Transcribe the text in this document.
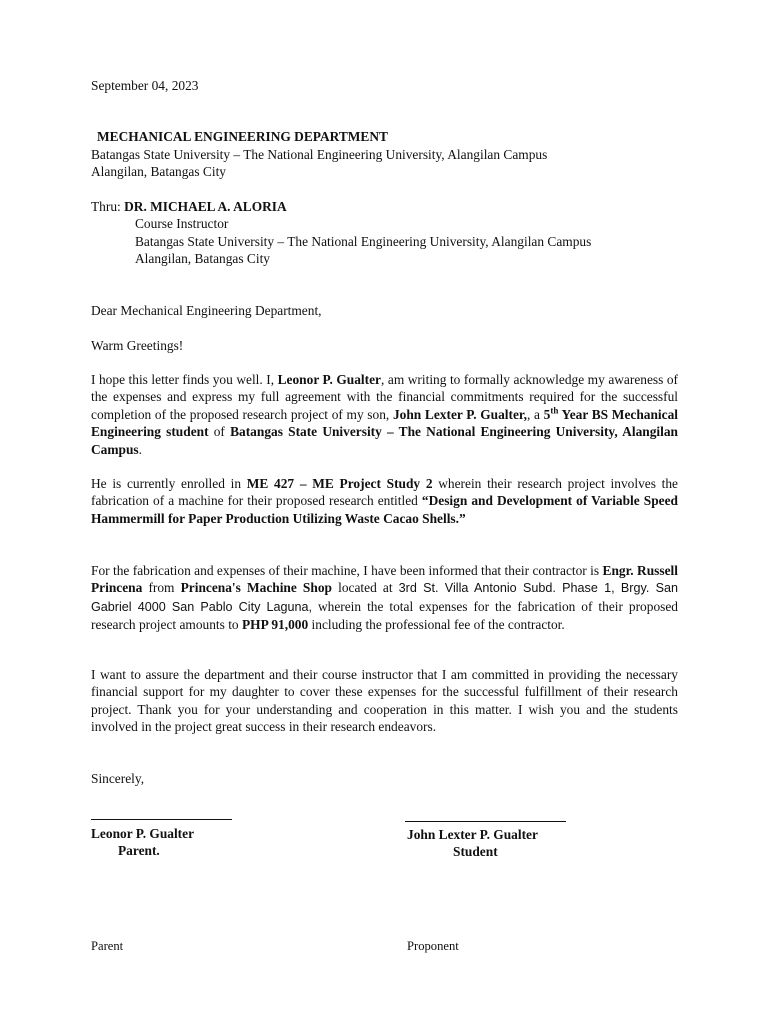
September 04, 2023
MECHANICAL ENGINEERING DEPARTMENT
Batangas State University – The National Engineering University, Alangilan Campus
Alangilan, Batangas City
Thru: DR. MICHAEL A. ALORIA
Course Instructor
Batangas State University – The National Engineering University, Alangilan Campus
Alangilan, Batangas City
Dear Mechanical Engineering Department,
Warm Greetings!
I hope this letter finds you well. I, Leonor P. Gualter, am writing to formally acknowledge my awareness of the expenses and express my full agreement with the financial commitments required for the successful completion of the proposed research project of my son, John Lexter P. Gualter,, a 5th Year BS Mechanical Engineering student of Batangas State University – The National Engineering University, Alangilan Campus.
He is currently enrolled in ME 427 – ME Project Study 2 wherein their research project involves the fabrication of a machine for their proposed research entitled “Design and Development of Variable Speed Hammermill for Paper Production Utilizing Waste Cacao Shells.”
For the fabrication and expenses of their machine, I have been informed that their contractor is Engr. Russell Princena from Princena's Machine Shop located at 3rd St. Villa Antonio Subd. Phase 1, Brgy. San Gabriel 4000 San Pablo City Laguna, wherein the total expenses for the fabrication of their proposed research project amounts to PHP 91,000 including the professional fee of the contractor.
I want to assure the department and their course instructor that I am committed in providing the necessary financial support for my daughter to cover these expenses for the successful fulfillment of their research project. Thank you for your understanding and cooperation in this matter. I wish you and the students involved in the project great success in their research endeavors.
Sincerely,
Leonor P. Gualter
Parent.
John Lexter P. Gualter
Student
Parent	Proponent
